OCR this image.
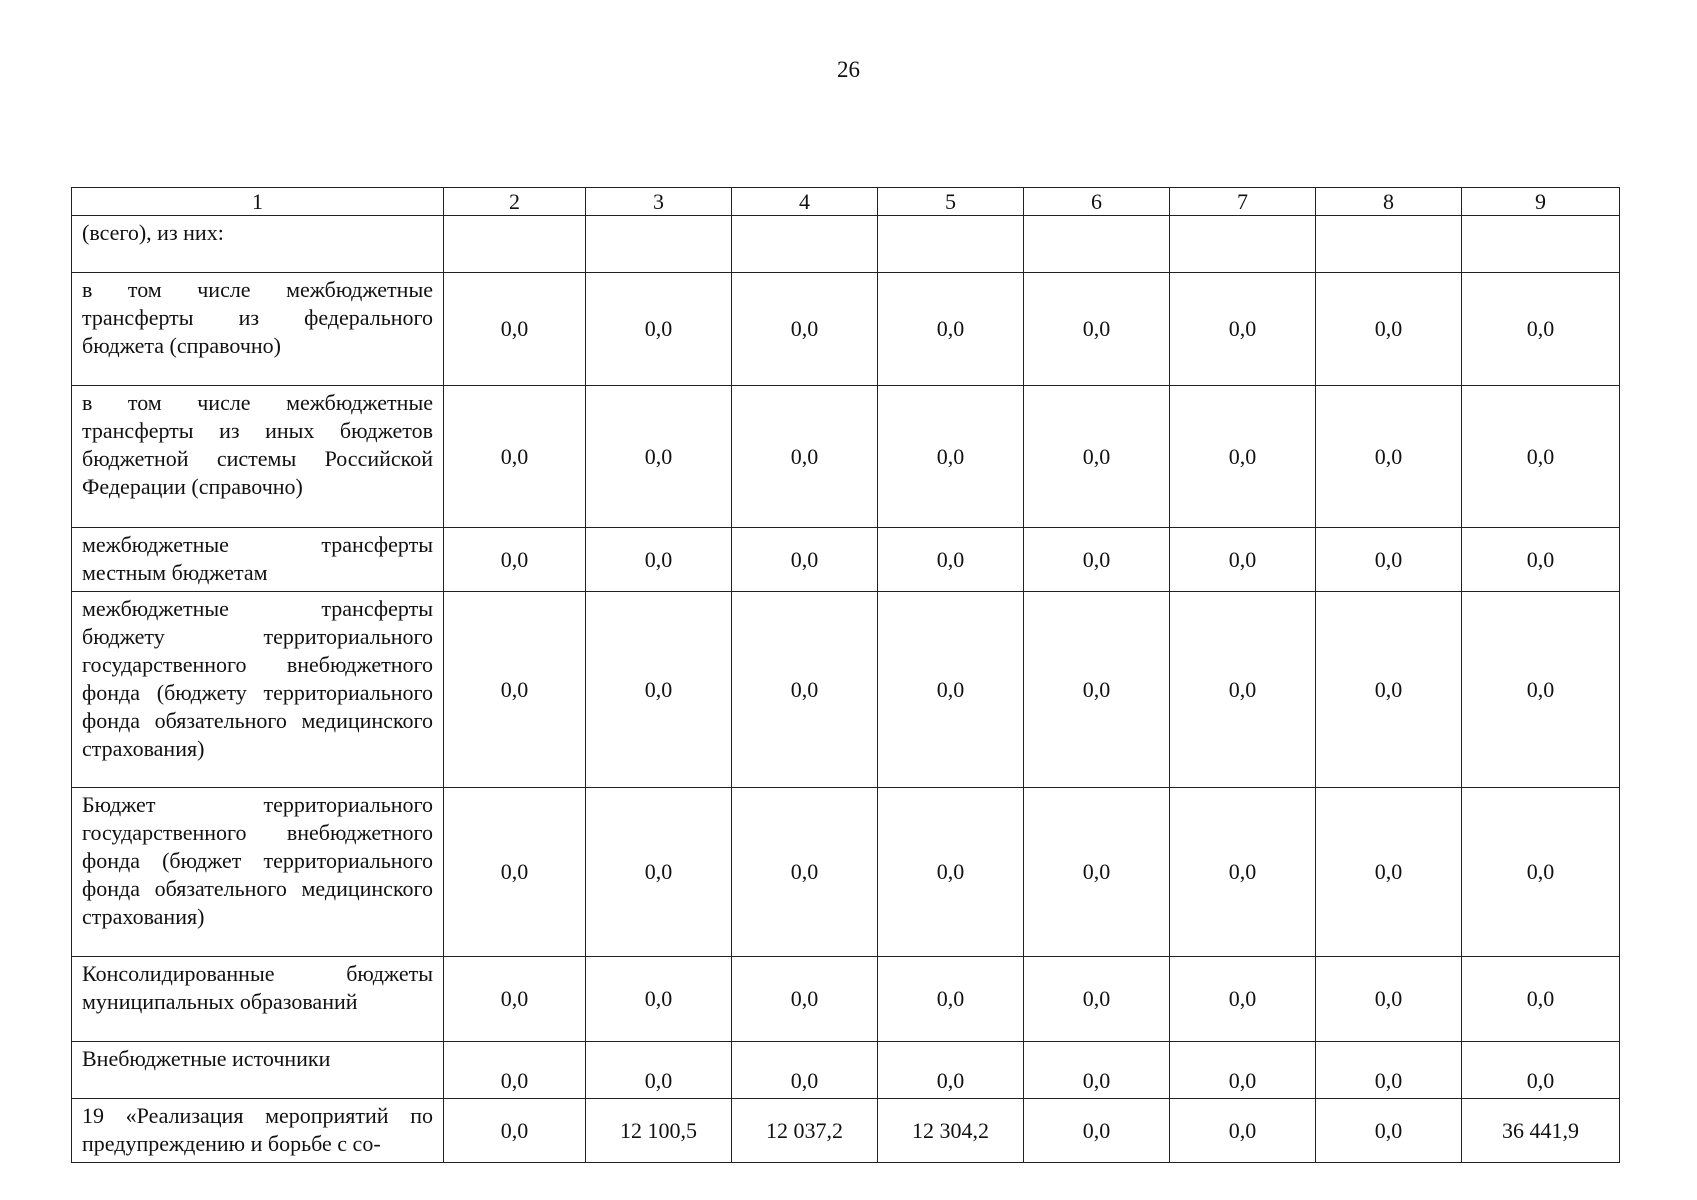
26
1	2	3	4	5	6	7	8	9
(всего), из них:								
в том числе межбюджетные трансферты из федерального бюджета (справочно)	0,0	0,0	0,0	0,0	0,0	0,0	0,0	0,0
в том числе межбюджетные трансферты из иных бюджетов бюджетной системы Российской Федерации (справочно)	0,0	0,0	0,0	0,0	0,0	0,0	0,0	0,0
межбюджетные трансферты местным бюджетам	0,0	0,0	0,0	0,0	0,0	0,0	0,0	0,0
межбюджетные трансферты бюджету территориального государственного внебюджетного фонда (бюджету территориального фонда обязательного медицинского страхования)	0,0	0,0	0,0	0,0	0,0	0,0	0,0	0,0
Бюджет территориального государственного внебюджетного фонда (бюджет территориального фонда обязательного медицинского страхования)	0,0	0,0	0,0	0,0	0,0	0,0	0,0	0,0
Консолидированные бюджеты муниципальных образований	0,0	0,0	0,0	0,0	0,0	0,0	0,0	0,0
Внебюджетные источники	0,0	0,0	0,0	0,0	0,0	0,0	0,0	0,0
19 «Реализация мероприятий по предупреждению и борьбе с со-	0,0	12 100,5	12 037,2	12 304,2	0,0	0,0	0,0	36 441,9
